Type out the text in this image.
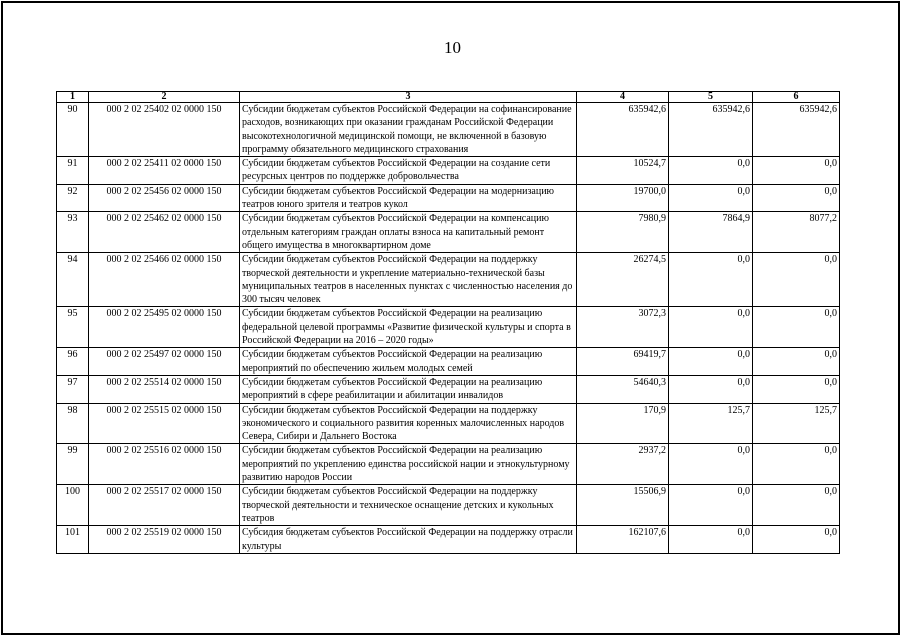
10
1	2	3	4	5	6
90	000 2 02 25402 02 0000 150	Субсидии бюджетам субъектов Российской Федерации на софинансирование расходов, возникающих при оказании гражданам Российской Федерации высокотехнологичной медицинской помощи, не включенной в базовую программу обязательного медицинского страхования	635942,6	635942,6	635942,6
91	000 2 02 25411 02 0000 150	Субсидии бюджетам субъектов Российской Федерации на создание сети ресурсных центров по поддержке добровольчества	10524,7	0,0	0,0
92	000 2 02 25456 02 0000 150	Субсидии бюджетам субъектов Российской Федерации на модернизацию театров юного зрителя и театров кукол	19700,0	0,0	0,0
93	000 2 02 25462 02 0000 150	Субсидии бюджетам субъектов Российской Федерации на компенсацию отдельным категориям граждан оплаты взноса на капитальный ремонт общего имущества в многоквартирном доме	7980,9	7864,9	8077,2
94	000 2 02 25466 02 0000 150	Субсидии бюджетам субъектов Российской Федерации на поддержку творческой деятельности и укрепление материально-технической базы муниципальных театров в населенных пунктах с численностью населения до 300 тысяч человек	26274,5	0,0	0,0
95	000 2 02 25495 02 0000 150	Субсидии бюджетам субъектов Российской Федерации на реализацию федеральной целевой программы «Развитие физической культуры и спорта в Российской Федерации на 2016 – 2020 годы»	3072,3	0,0	0,0
96	000 2 02 25497 02 0000 150	Субсидии бюджетам субъектов Российской Федерации на реализацию мероприятий по обеспечению жильем молодых семей	69419,7	0,0	0,0
97	000 2 02 25514 02 0000 150	Субсидии бюджетам субъектов Российской Федерации на реализацию мероприятий в сфере реабилитации и абилитации инвалидов	54640,3	0,0	0,0
98	000 2 02 25515 02 0000 150	Субсидии бюджетам субъектов Российской Федерации на поддержку экономического и социального развития коренных малочисленных народов Севера, Сибири и Дальнего Востока	170,9	125,7	125,7
99	000 2 02 25516 02 0000 150	Субсидии бюджетам субъектов Российской Федерации на реализацию мероприятий по укреплению единства российской нации и этнокультурному развитию народов России	2937,2	0,0	0,0
100	000 2 02 25517 02 0000 150	Субсидии бюджетам субъектов Российской Федерации на поддержку творческой деятельности и техническое оснащение детских и кукольных театров	15506,9	0,0	0,0
101	000 2 02 25519 02 0000 150	Субсидия бюджетам субъектов Российской Федерации на поддержку отрасли культуры	162107,6	0,0	0,0
